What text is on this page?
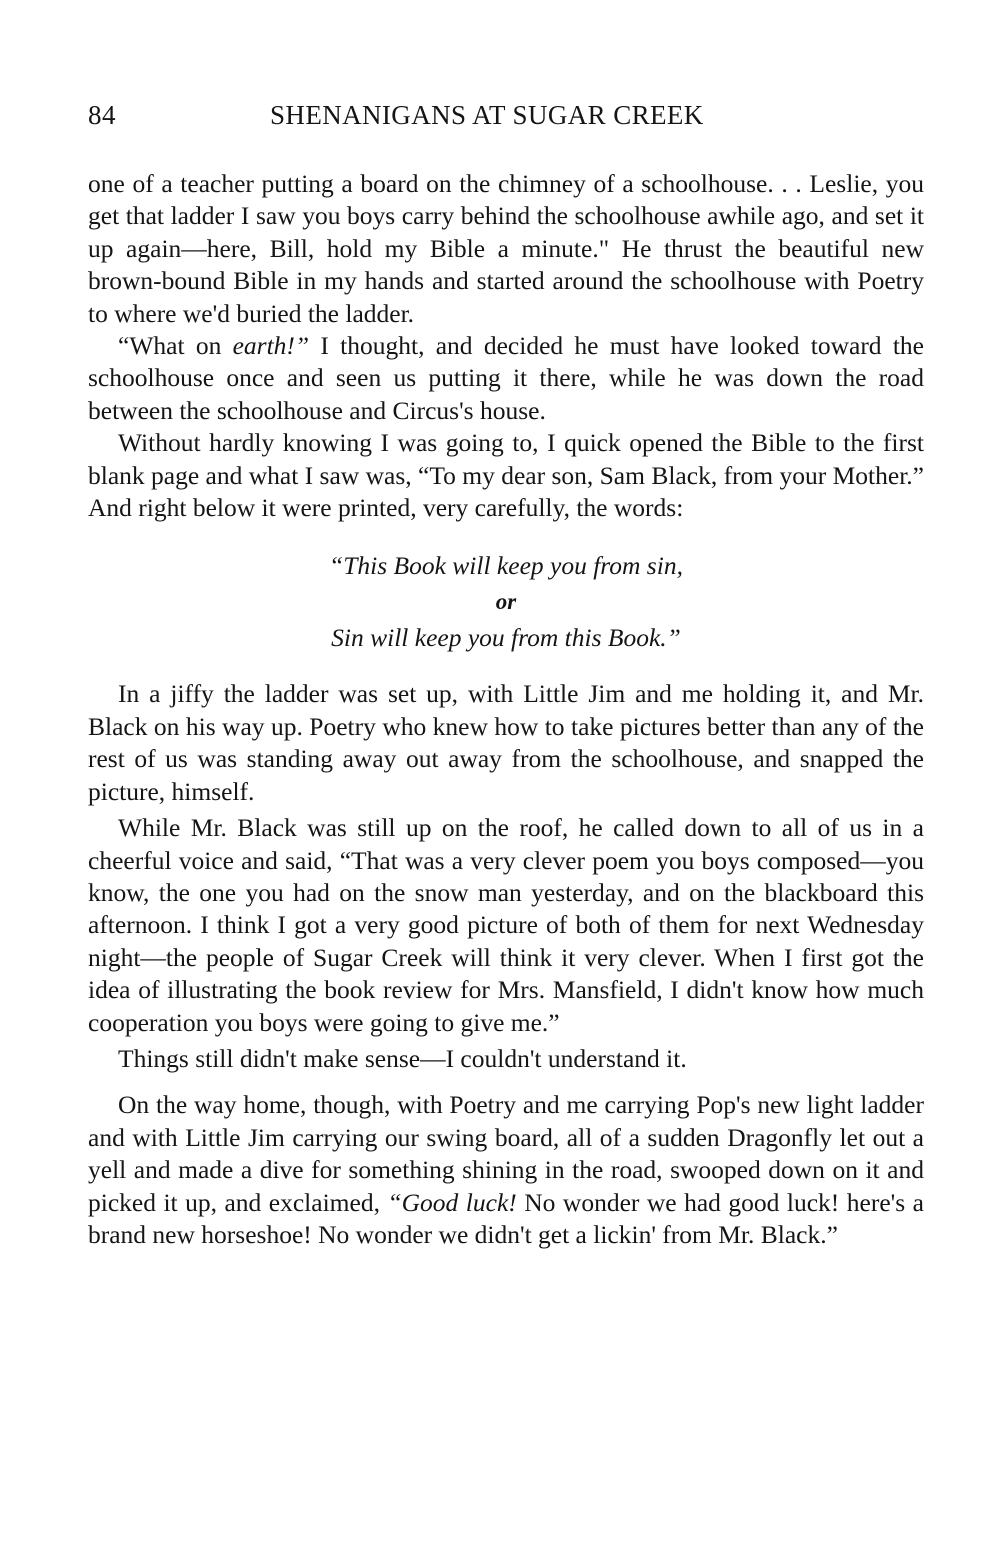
84	SHENANIGANS AT SUGAR CREEK

one of a teacher putting a board on the chimney of a schoolhouse. . . Leslie, you get that ladder I saw you boys carry behind the schoolhouse awhile ago, and set it up again—here, Bill, hold my Bible a minute." He thrust the beautiful new brown-bound Bible in my hands and started around the schoolhouse with Poetry to where we'd buried the ladder.

“What on earth!” I thought, and decided he must have looked toward the schoolhouse once and seen us putting it there, while he was down the road between the schoolhouse and Circus's house.

Without hardly knowing I was going to, I quick opened the Bible to the first blank page and what I saw was, “To my dear son, Sam Black, from your Mother.” And right below it were printed, very carefully, the words:

“This Book will keep you from sin,
or
Sin will keep you from this Book.”

In a jiffy the ladder was set up, with Little Jim and me holding it, and Mr. Black on his way up. Poetry who knew how to take pictures better than any of the rest of us was standing away out away from the schoolhouse, and snapped the picture, himself.

While Mr. Black was still up on the roof, he called down to all of us in a cheerful voice and said, “That was a very clever poem you boys composed—you know, the one you had on the snow man yesterday, and on the blackboard this afternoon. I think I got a very good picture of both of them for next Wednesday night—the people of Sugar Creek will think it very clever. When I first got the idea of illustrating the book review for Mrs. Mansfield, I didn't know how much cooperation you boys were going to give me.”

Things still didn't make sense—I couldn't understand it.

On the way home, though, with Poetry and me carrying Pop's new light ladder and with Little Jim carrying our swing board, all of a sudden Dragonfly let out a yell and made a dive for something shining in the road, swooped down on it and picked it up, and exclaimed, “Good luck! No wonder we had good luck! here's a brand new horseshoe! No wonder we didn't get a lickin' from Mr. Black.”
